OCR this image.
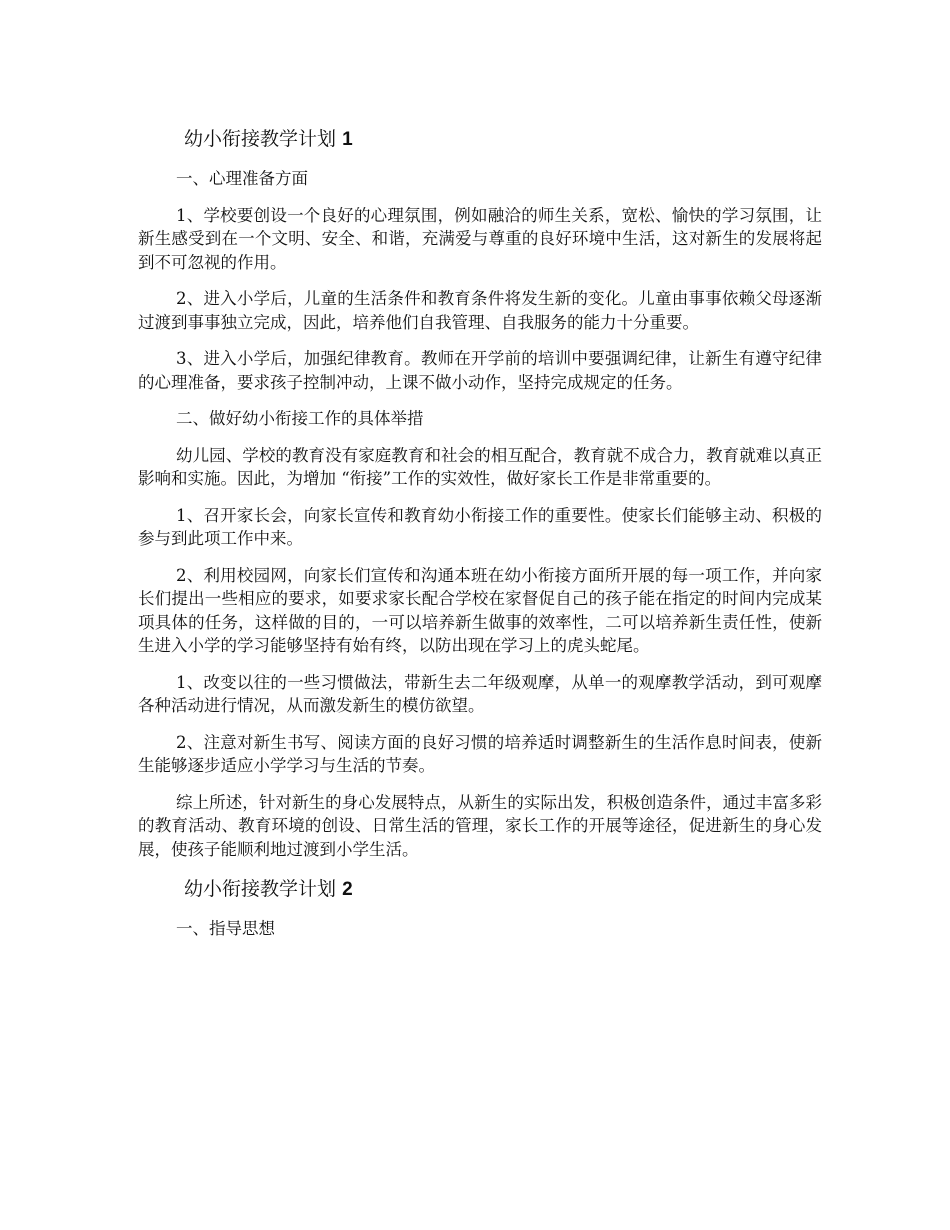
幼小衔接教学计划 1
一、心理准备方面
1、学校要创设一个良好的心理氛围，例如融洽的师生关系，宽松、愉快的学习氛围，让新生感受到在一个文明、安全、和谐，充满爱与尊重的良好环境中生活，这对新生的发展将起到不可忽视的作用。
2、进入小学后，儿童的生活条件和教育条件将发生新的变化。儿童由事事依赖父母逐渐过渡到事事独立完成，因此，培养他们自我管理、自我服务的能力十分重要。
3、进入小学后，加强纪律教育。教师在开学前的培训中要强调纪律，让新生有遵守纪律的心理准备，要求孩子控制冲动，上课不做小动作，坚持完成规定的任务。
二、做好幼小衔接工作的具体举措
幼儿园、学校的教育没有家庭教育和社会的相互配合，教育就不成合力，教育就难以真正影响和实施。因此，为增加 “衔接”工作的实效性，做好家长工作是非常重要的。
1、召开家长会，向家长宣传和教育幼小衔接工作的重要性。使家长们能够主动、积极的参与到此项工作中来。
2、利用校园网，向家长们宣传和沟通本班在幼小衔接方面所开展的每一项工作，并向家长们提出一些相应的要求，如要求家长配合学校在家督促自己的孩子能在指定的时间内完成某项具体的任务，这样做的目的，一可以培养新生做事的效率性，二可以培养新生责任性，使新生进入小学的学习能够坚持有始有终，以防出现在学习上的虎头蛇尾。
1、改变以往的一些习惯做法，带新生去二年级观摩，从单一的观摩教学活动，到可观摩各种活动进行情况，从而激发新生的模仿欲望。
2、注意对新生书写、阅读方面的良好习惯的培养适时调整新生的生活作息时间表，使新生能够逐步适应小学学习与生活的节奏。
综上所述，针对新生的身心发展特点，从新生的实际出发，积极创造条件，通过丰富多彩的教育活动、教育环境的创设、日常生活的管理，家长工作的开展等途径，促进新生的身心发展，使孩子能顺利地过渡到小学生活。
幼小衔接教学计划 2
一、指导思想
